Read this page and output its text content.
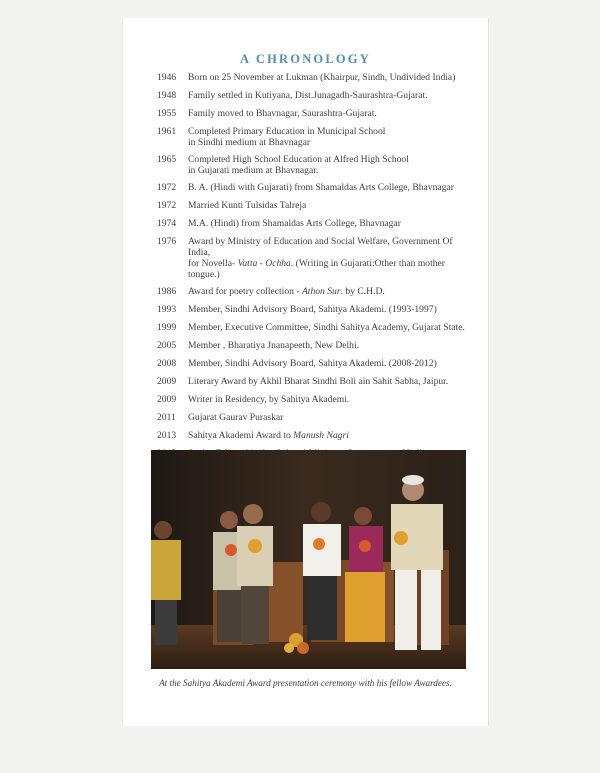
A CHRONOLOGY
1946	Born on 25 November at Lukman (Khairpur, Sindh, Undivided India)
1948	Family settled in Kutiyana, Dist.Junagadh-Saurashtra-Gujarat.
1955	Family moved to Bhavnagar, Saurashtra-Gujarat.
1961	Completed Primary Education in Municipal School
in Sindhi medium at Bhavnagar
1965	Completed High School Education at Alfred High School
in Gujarati medium at Bhavnagar.
1972	B. A. (Hindi with Gujarati) from Shamaldas Arts College, Bhavnagar
1972	Married Kunti Tulsidas Talreja
1974	M.A. (Hindi) from Shamaldas Arts College, Bhavnagar
1976	Award by Ministry of Education and Social Welfare, Government Of India,
for Novella- Vatta - Ochha. (Writing in Gujarati:Other than mother tongue.)
1986	Award for poetry collection - Athon Sur. by C.H.D.
1993	Member, Sindhi Advisory Board, Sahitya Akademi. (1993-1997)
1999	Member, Executive Committee, Sindhi Sahitya Academy, Gujarat State.
2005	Member , Bharatiya Jnanapeeth, New Delhi.
2008	Member, Sindhi Advisory Board, Sahitya Akademi. (2008-2012)
2009	Literary Award by Akhil Bharat Sindhi Boli ain Sahit Sabha, Jaipur.
2009	Writer in Residency, by Sahitya Akademi.
2011	Gujarat Gaurav Puraskar
2013	Sahitya Akademi Award to Manush Nagri
At the Sahitya Akademi Award presentation ceremony with his fellow Awardees.
